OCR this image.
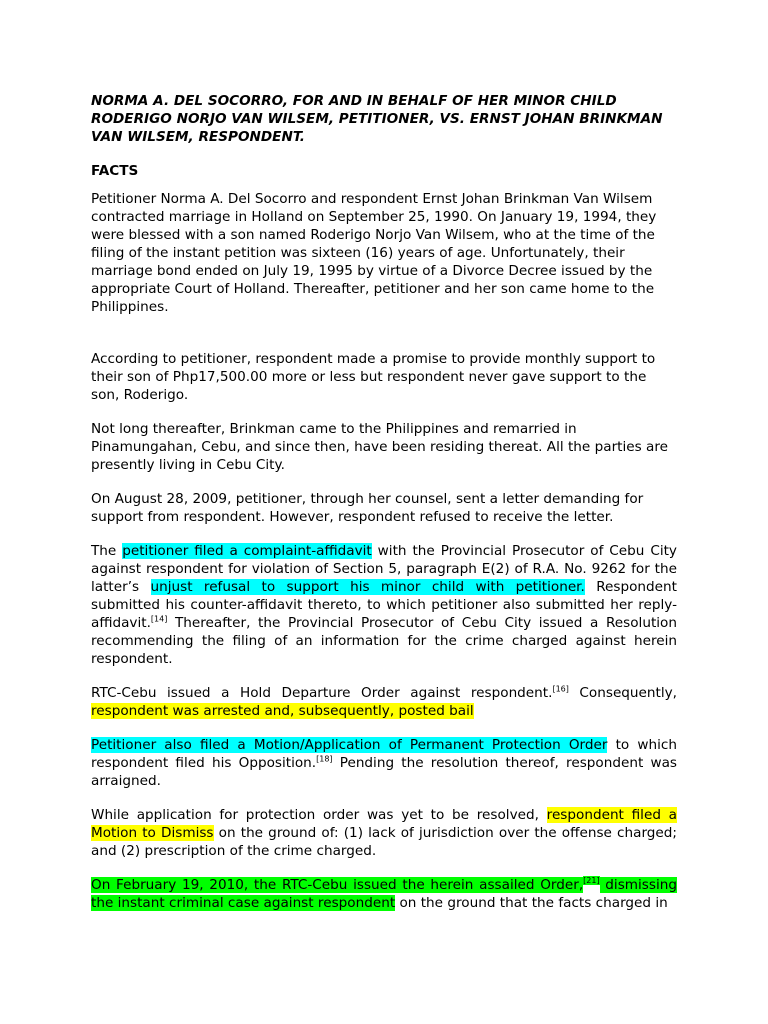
NORMA A. DEL SOCORRO, FOR AND IN BEHALF OF HER MINOR CHILD RODERIGO NORJO VAN WILSEM, PETITIONER, VS. ERNST JOHAN BRINKMAN VAN WILSEM, RESPONDENT.

FACTS

Petitioner Norma A. Del Socorro and respondent Ernst Johan Brinkman Van Wilsem contracted marriage in Holland on September 25, 1990. On January 19, 1994, they were blessed with a son named Roderigo Norjo Van Wilsem, who at the time of the filing of the instant petition was sixteen (16) years of age. Unfortunately, their marriage bond ended on July 19, 1995 by virtue of a Divorce Decree issued by the appropriate Court of Holland. Thereafter, petitioner and her son came home to the Philippines.

According to petitioner, respondent made a promise to provide monthly support to their son of Php17,500.00 more or less but respondent never gave support to the son, Roderigo.

Not long thereafter, Brinkman came to the Philippines and remarried in Pinamungahan, Cebu, and since then, have been residing thereat. All the parties are presently living in Cebu City.

On August 28, 2009, petitioner, through her counsel, sent a letter demanding for support from respondent. However, respondent refused to receive the letter.

The petitioner filed a complaint-affidavit with the Provincial Prosecutor of Cebu City against respondent for violation of Section 5, paragraph E(2) of R.A. No. 9262 for the latter’s unjust refusal to support his minor child with petitioner. Respondent submitted his counter-affidavit thereto, to which petitioner also submitted her reply-affidavit.[14] Thereafter, the Provincial Prosecutor of Cebu City issued a Resolution recommending the filing of an information for the crime charged against herein respondent.

RTC-Cebu issued a Hold Departure Order against respondent.[16] Consequently, respondent was arrested and, subsequently, posted bail

Petitioner also filed a Motion/Application of Permanent Protection Order to which respondent filed his Opposition.[18] Pending the resolution thereof, respondent was arraigned.

While application for protection order was yet to be resolved, respondent filed a Motion to Dismiss on the ground of: (1) lack of jurisdiction over the offense charged; and (2) prescription of the crime charged.

On February 19, 2010, the RTC-Cebu issued the herein assailed Order,[21] dismissing the instant criminal case against respondent on the ground that the facts charged in
